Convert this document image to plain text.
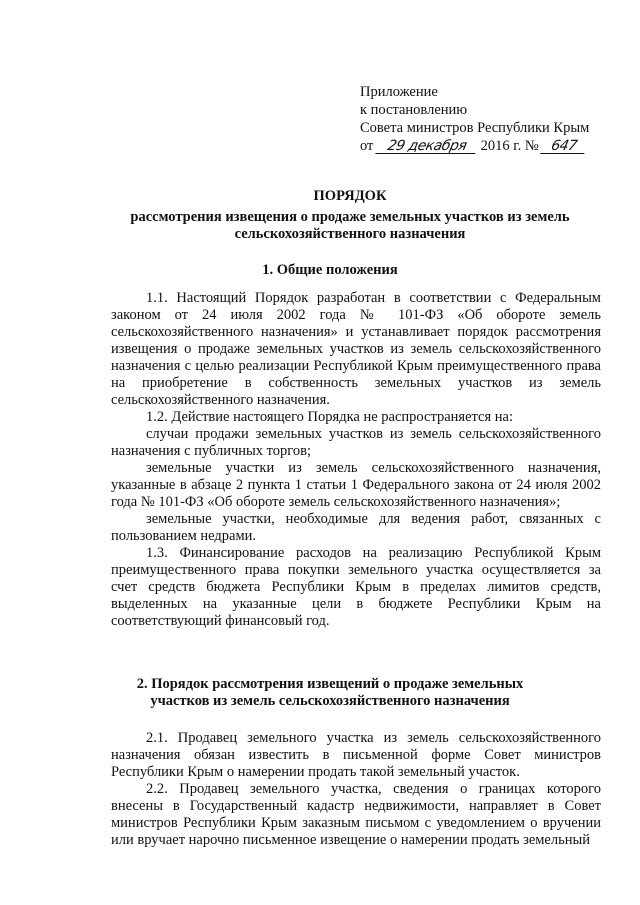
Приложение
к постановлению
Совета министров Республики Крым
от 29 декабря 2016 г. № 647
ПОРЯДОК
рассмотрения извещения о продаже земельных участков из земель сельскохозяйственного назначения
1. Общие положения

1.1. Настоящий Порядок разработан в соответствии с Федеральным законом от 24 июля 2002 года № 101-ФЗ «Об обороте земель сельскохозяйственного назначения» и устанавливает порядок рассмотрения извещения о продаже земельных участков из земель сельскохозяйственного назначения с целью реализации Республикой Крым преимущественного права на приобретение в собственность земельных участков из земель сельскохозяйственного назначения.

1.2. Действие настоящего Порядка не распространяется на:

случаи продажи земельных участков из земель сельскохозяйственного назначения с публичных торгов;

земельные участки из земель сельскохозяйственного назначения, указанные в абзаце 2 пункта 1 статьи 1 Федерального закона от 24 июля 2002 года № 101-ФЗ «Об обороте земель сельскохозяйственного назначения»;

земельные участки, необходимые для ведения работ, связанных с пользованием недрами.

1.3. Финансирование расходов на реализацию Республикой Крым преимущественного права покупки земельного участка осуществляется за счет средств бюджета Республики Крым в пределах лимитов средств, выделенных на указанные цели в бюджете Республики Крым на соответствующий финансовый год.

2. Порядок рассмотрения извещений о продаже земельных
участков из земель сельскохозяйственного назначения

2.1. Продавец земельного участка из земель сельскохозяйственного назначения обязан известить в письменной форме Совет министров Республики Крым о намерении продать такой земельный участок.

2.2. Продавец земельного участка, сведения о границах которого внесены в Государственный кадастр недвижимости, направляет в Совет министров Республики Крым заказным письмом с уведомлением о вручении или вручает нарочно письменное извещение о намерении продать земельный
